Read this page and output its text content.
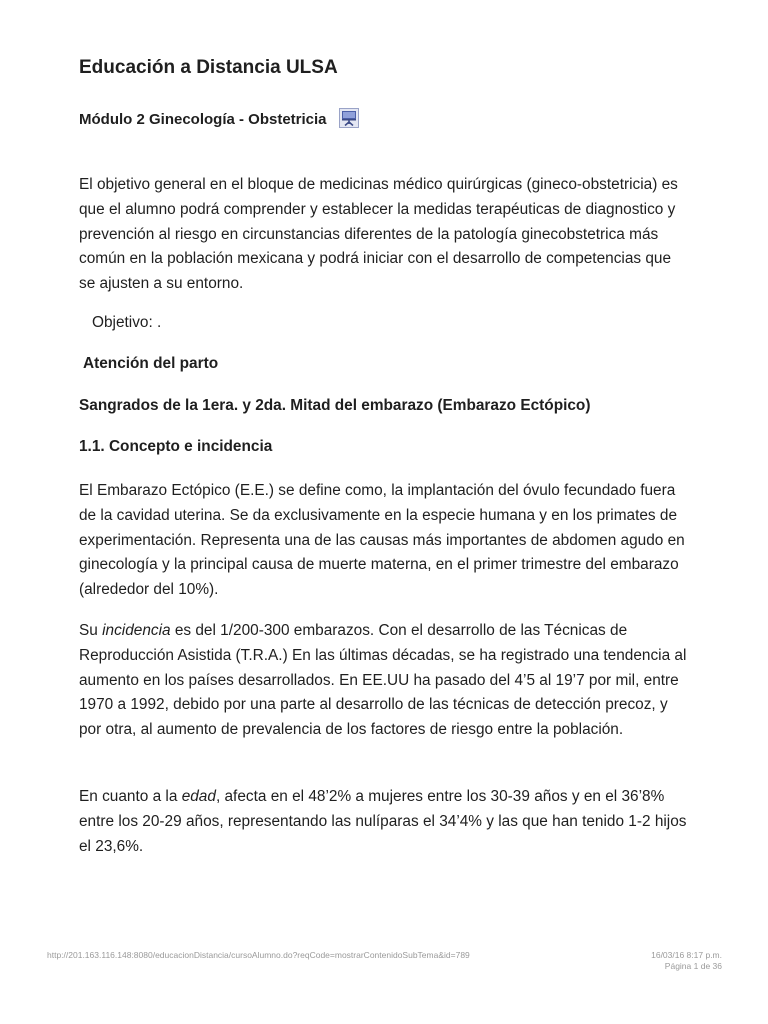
Educación a Distancia ULSA
Módulo 2 Ginecología - Obstetricia

El objetivo general en el bloque de medicinas médico quirúrgicas (gineco-obstetricia) es que el alumno podrá comprender y establecer la medidas terapéuticas de diagnostico y prevención al riesgo en circunstancias diferentes de la patología ginecobstetrica más común en la población mexicana y podrá iniciar con el desarrollo de competencias que se ajusten a su entorno.

Objetivo: .

Atención del parto

Sangrados de la 1era. y 2da. Mitad del embarazo (Embarazo Ectópico)

1.1. Concepto e incidencia

El Embarazo Ectópico (E.E.) se define como, la implantación del óvulo fecundado fuera de la cavidad uterina. Se da exclusivamente en la especie humana y en los primates de experimentación. Representa una de las causas más importantes de abdomen agudo en ginecología y la principal causa de muerte materna, en el primer trimestre del embarazo (alrededor del 10%).

Su incidencia es del 1/200-300 embarazos. Con el desarrollo de las Técnicas de Reproducción Asistida (T.R.A.) En las últimas décadas, se ha registrado una tendencia al aumento en los países desarrollados. En EE.UU ha pasado del 4’5 al 19’7 por mil, entre 1970 a 1992, debido por una parte al desarrollo de las técnicas de detección precoz, y por otra, al aumento de prevalencia de los factores de riesgo entre la población.

En cuanto a la edad, afecta en el 48’2% a mujeres entre los 30-39 años y en el 36’8% entre los 20-29 años, representando las nulíparas el 34’4% y las que han tenido 1-2 hijos el 23,6%.

http://201.163.116.148:8080/educacionDistancia/cursoAlumno.do?reqCode=mostrarContenidoSubTema&id=789	16/03/16 8:17 p.m.
Página 1 de 36
